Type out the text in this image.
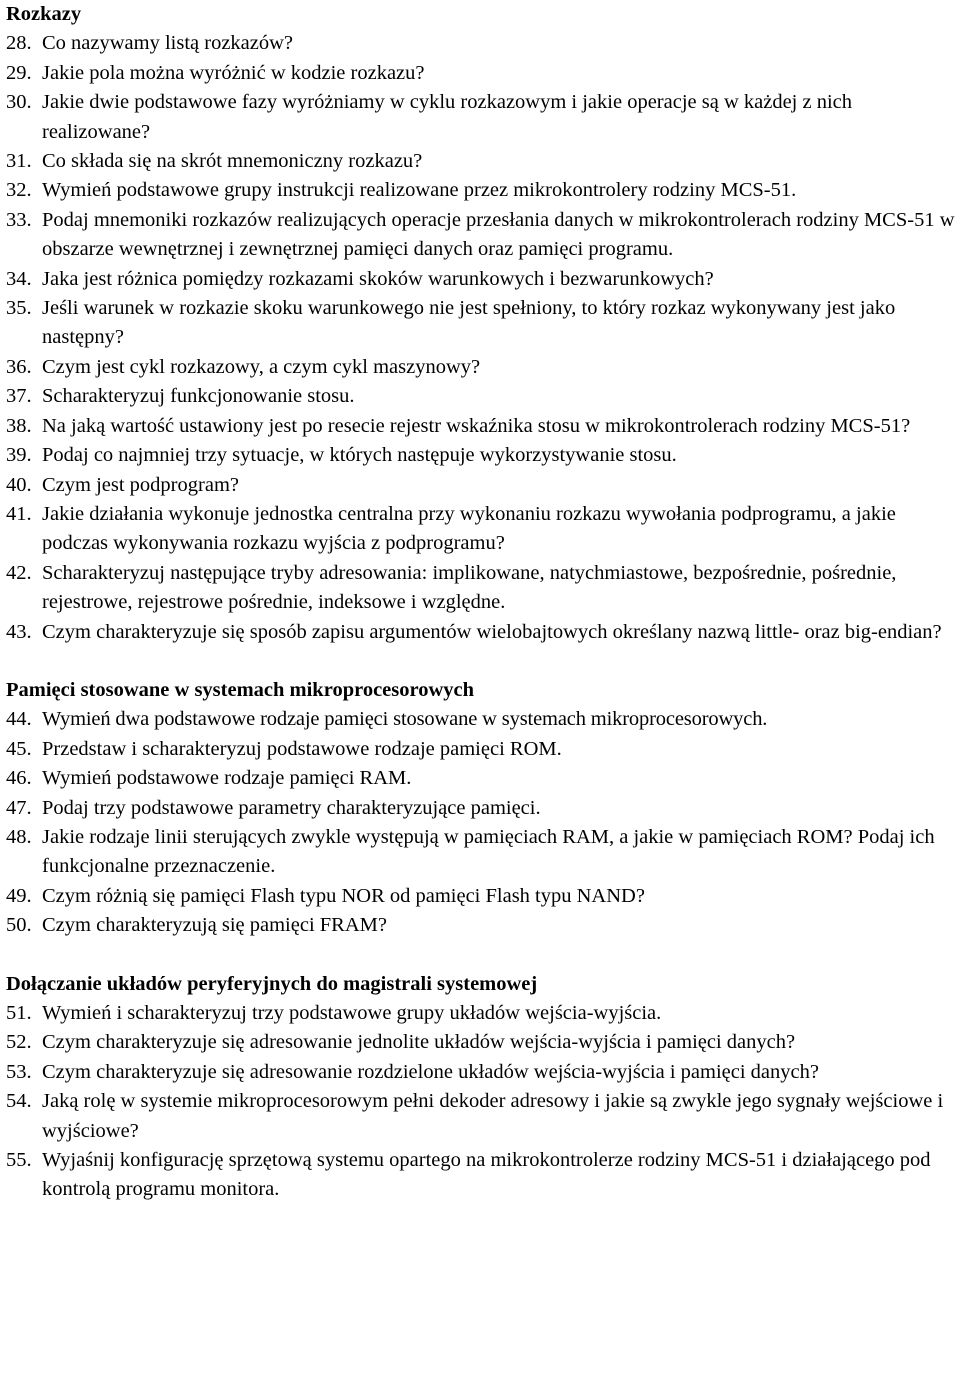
Rozkazy
28. Co nazywamy listą rozkazów?
29. Jakie pola można wyróżnić w kodzie rozkazu?
30. Jakie dwie podstawowe fazy wyróżniamy w cyklu rozkazowym i jakie operacje są w każdej z nich realizowane?
31. Co składa się na skrót mnemoniczny rozkazu?
32. Wymień podstawowe grupy instrukcji realizowane przez mikrokontrolery rodziny MCS-51.
33. Podaj mnemoniki rozkazów realizujących operacje przesłania danych w mikrokontrolerach rodziny MCS-51 w obszarze wewnętrznej i zewnętrznej pamięci danych oraz pamięci programu.
34. Jaka jest różnica pomiędzy rozkazami skoków warunkowych i bezwarunkowych?
35. Jeśli warunek w rozkazie skoku warunkowego nie jest spełniony, to który rozkaz wykonywany jest jako następny?
36. Czym jest cykl rozkazowy, a czym cykl maszynowy?
37. Scharakteryzuj funkcjonowanie stosu.
38. Na jaką wartość ustawiony jest po resecie rejestr wskaźnika stosu w mikrokontrolerach rodziny MCS-51?
39. Podaj co najmniej trzy sytuacje, w których następuje wykorzystywanie stosu.
40. Czym jest podprogram?
41. Jakie działania wykonuje jednostka centralna przy wykonaniu rozkazu wywołania podprogramu, a jakie podczas wykonywania rozkazu wyjścia z podprogramu?
42. Scharakteryzuj następujące tryby adresowania: implikowane, natychmiastowe, bezpośrednie, pośrednie, rejestrowe, rejestrowe pośrednie, indeksowe i względne.
43. Czym charakteryzuje się sposób zapisu argumentów wielobajtowych określany nazwą little- oraz big-endian?
Pamięci stosowane w systemach mikroprocesorowych
44. Wymień dwa podstawowe rodzaje pamięci stosowane w systemach mikroprocesorowych.
45. Przedstaw i scharakteryzuj podstawowe rodzaje pamięci ROM.
46. Wymień podstawowe rodzaje pamięci RAM.
47. Podaj trzy podstawowe parametry charakteryzujące pamięci.
48. Jakie rodzaje linii sterujących zwykle występują w pamięciach RAM, a jakie w pamięciach ROM? Podaj ich funkcjonalne przeznaczenie.
49. Czym różnią się pamięci Flash typu NOR od pamięci Flash typu NAND?
50. Czym charakteryzują się pamięci FRAM?
Dołączanie układów peryferyjnych do magistrali systemowej
51. Wymień i scharakteryzuj trzy podstawowe grupy układów wejścia-wyjścia.
52. Czym charakteryzuje się adresowanie jednolite układów wejścia-wyjścia i pamięci danych?
53. Czym charakteryzuje się adresowanie rozdzielone układów wejścia-wyjścia i pamięci danych?
54. Jaką rolę w systemie mikroprocesorowym pełni dekoder adresowy i jakie są zwykle jego sygnały wejściowe i wyjściowe?
55. Wyjaśnij konfigurację sprzętową systemu opartego na mikrokontrolerze rodziny MCS-51 i działającego pod kontrolą programu monitora.
